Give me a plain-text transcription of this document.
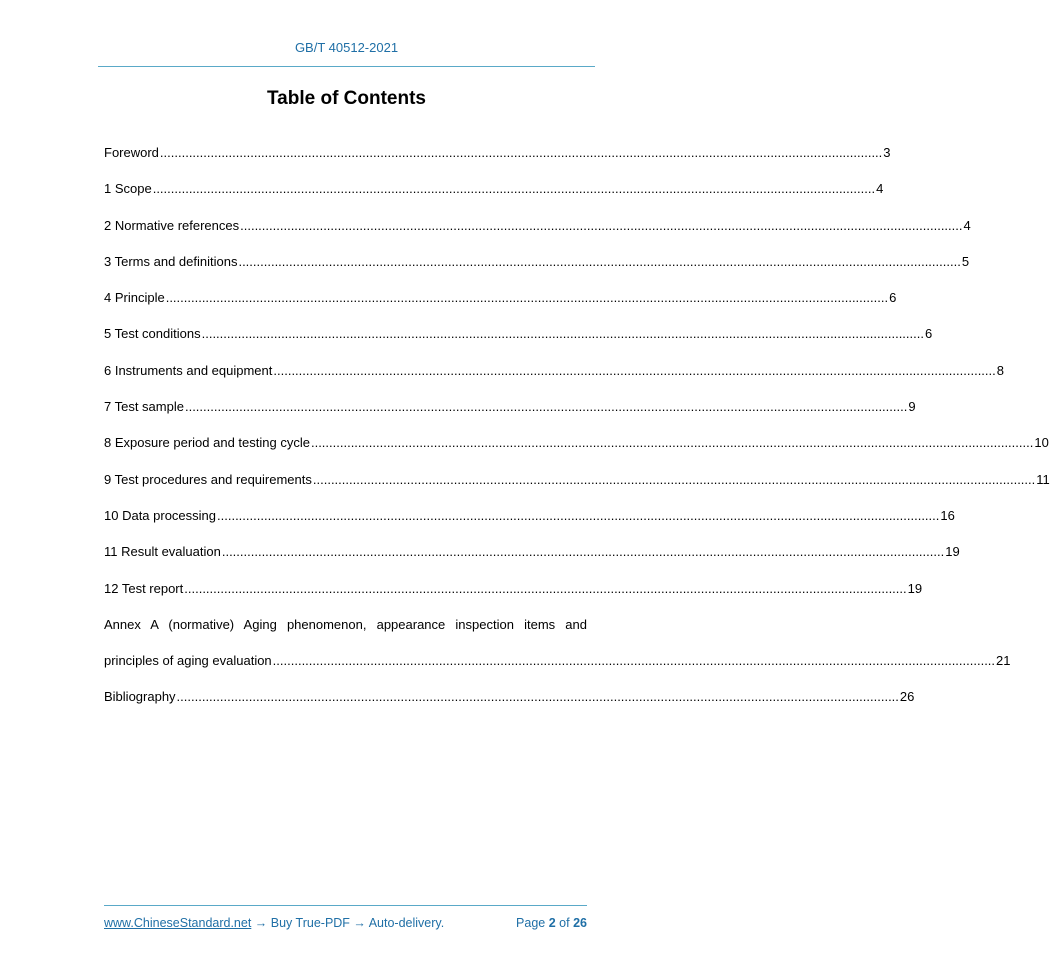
GB/T 40512-2021
Table of Contents
Foreword ........................................................................................................................................................................................................ 3
1 Scope ........................................................................................................................................................................................................ 4
2 Normative references ........................................................................................................................................................................................................ 4
3 Terms and definitions ........................................................................................................................................................................................................ 5
4 Principle ........................................................................................................................................................................................................ 6
5 Test conditions ........................................................................................................................................................................................................ 6
6 Instruments and equipment ........................................................................................................................................................................................................ 8
7 Test sample ........................................................................................................................................................................................................ 9
8 Exposure period and testing cycle ........................................................................................................................................................................................................ 10
9 Test procedures and requirements ........................................................................................................................................................................................................ 11
10 Data processing ........................................................................................................................................................................................................ 16
11 Result evaluation ........................................................................................................................................................................................................ 19
12 Test report ........................................................................................................................................................................................................ 19
Annex A (normative) Aging phenomenon, appearance inspection items and
principles of aging evaluation ........................................................................................................................................................................................................ 21
Bibliography ........................................................................................................................................................................................................ 26
www.ChineseStandard.net → Buy True-PDF → Auto-delivery.	Page 2 of 26
